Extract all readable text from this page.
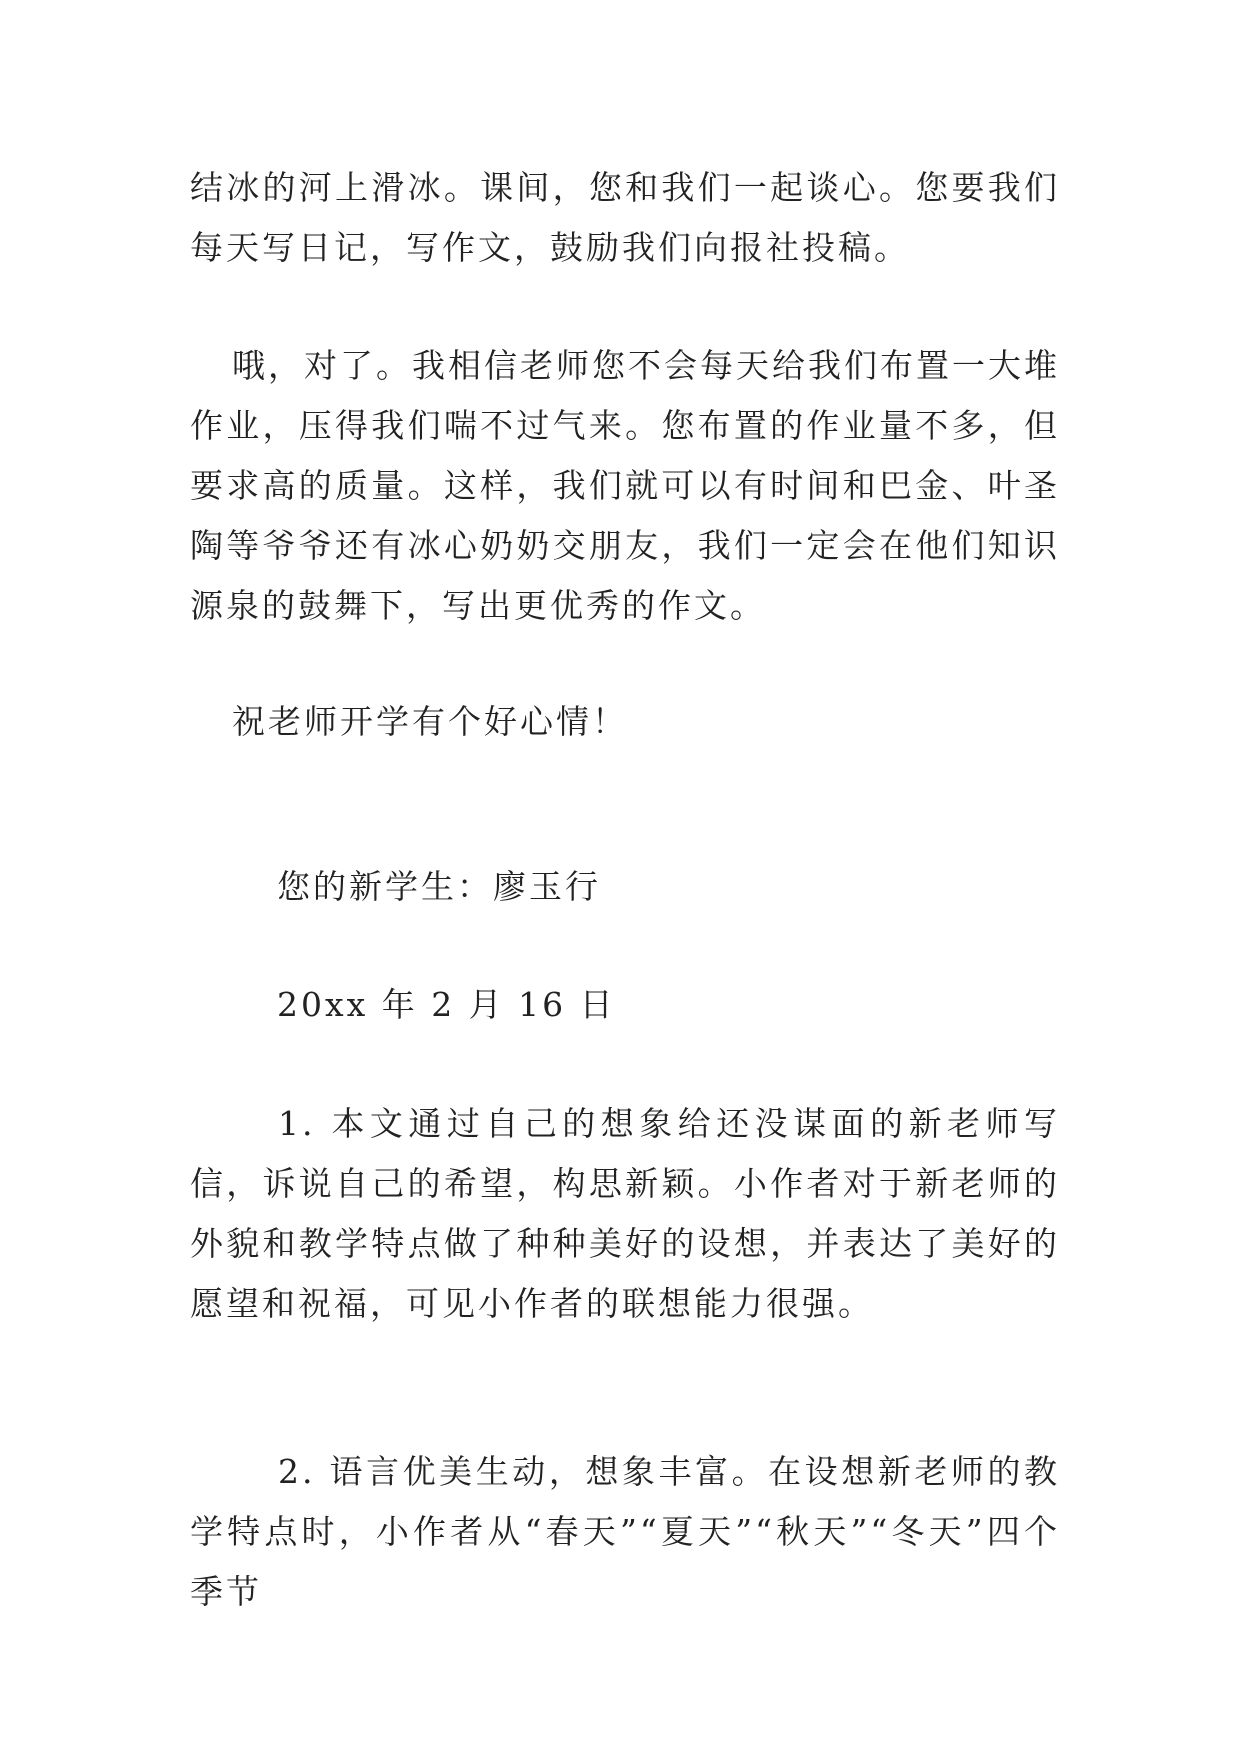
结冰的河上滑冰。课间，您和我们一起谈心。您要我们每天写日记，写作文，鼓励我们向报社投稿。

哦，对了。我相信老师您不会每天给我们布置一大堆作业，压得我们喘不过气来。您布置的作业量不多，但要求高的质量。这样，我们就可以有时间和巴金、叶圣陶等爷爷还有冰心奶奶交朋友，我们一定会在他们知识源泉的鼓舞下，写出更优秀的作文。

祝老师开学有个好心情！

您的新学生：廖玉行

20xx 年 2 月 16 日

1. 本文通过自己的想象给还没谋面的新老师写信，诉说自己的希望，构思新颖。小作者对于新老师的外貌和教学特点做了种种美好的设想，并表达了美好的愿望和祝福，可见小作者的联想能力很强。

2. 语言优美生动，想象丰富。在设想新老师的教学特点时，小作者从“春天”“夏天”“秋天”“冬天”四个季节
